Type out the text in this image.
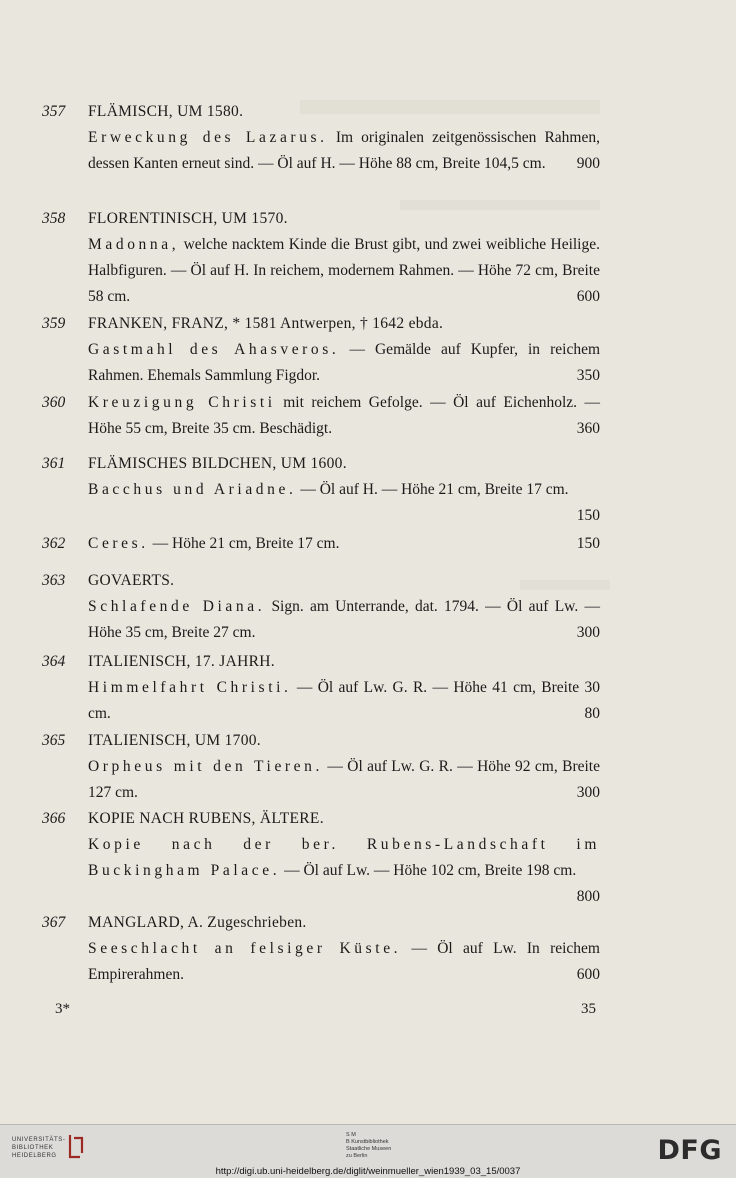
357 FLÄMISCH, UM 1580.
Erweckung des Lazarus. Im originalen zeitgenössischen Rahmen, dessen Kanten erneut sind. — Öl auf H. — Höhe 88 cm, Breite 104,5 cm. 900
358 FLORENTINISCH, UM 1570.
Madonna, welche nacktem Kinde die Brust gibt, und zwei weibliche Heilige. Halbfiguren. — Öl auf H. In reichem, modernem Rahmen. — Höhe 72 cm, Breite 58 cm.	600
359 FRANKEN, FRANZ, * 1581 Antwerpen, † 1642 ebda.
Gastmahl des Ahasveros. — Gemälde auf Kupfer, in reichem Rahmen. Ehemals Sammlung Figdor.	350
360 Kreuzigung Christi mit reichem Gefolge. — Öl auf Eichenholz. — Höhe 55 cm, Breite 35 cm. Beschädigt.	360
361 FLÄMISCHES BILDCHEN, UM 1600.
Bacchus und Ariadne. — Öl auf H. — Höhe 21 cm, Breite 17 cm.
150
362 Ceres. — Höhe 21 cm, Breite 17 cm.	150
363 GOVAERTS.
Schlafende Diana. Sign. am Unterrande, dat. 1794. — Öl auf Lw. — Höhe 35 cm, Breite 27 cm.	300
364 ITALIENISCH, 17. JAHRH.
Himmelfahrt Christi. — Öl auf Lw. G. R. — Höhe 41 cm, Breite 30 cm.	80
365 ITALIENISCH, UM 1700.
Orpheus mit den Tieren. — Öl auf Lw. G. R. — Höhe 92 cm, Breite 127 cm.	300
366 KOPIE NACH RUBENS, ÄLTERE.
Kopie nach der ber. Rubens-Landschaft im Buckingham Palace. — Öl auf Lw. — Höhe 102 cm, Breite 198 cm.
800
367 MANGLARD, A. Zugeschrieben.
Seeschlacht an felsiger Küste. — Öl auf Lw. In reichem Empirerahmen.	600
3*	35
UNIVERSITÄTS-
BIBLIOTHEK
HEIDELBERG
S M
B Kunstbibliothek
Staatliche Museen
zu Berlin	DFG
http://digi.ub.uni-heidelberg.de/diglit/weinmueller_wien1939_03_15/0037
